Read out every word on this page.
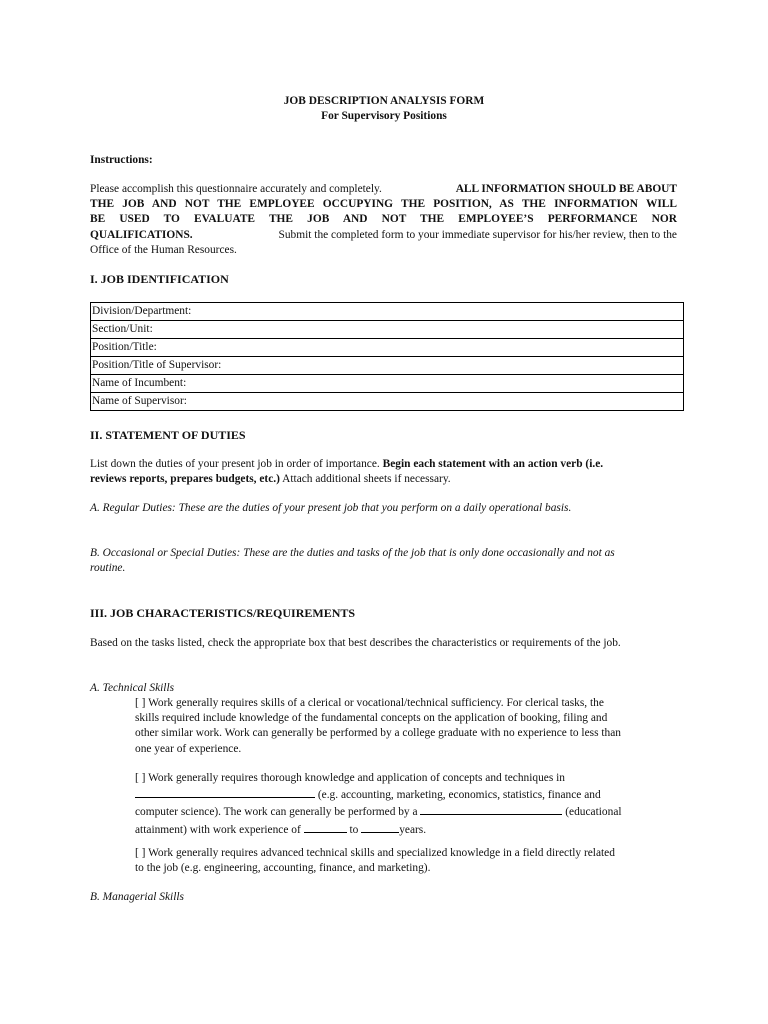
JOB DESCRIPTION ANALYSIS FORM
For Supervisory Positions
Instructions:
Please accomplish this questionnaire accurately and completely.	ALL INFORMATION SHOULD BE ABOUT
THE JOB AND NOT THE EMPLOYEE OCCUPYING THE POSITION, AS THE INFORMATION WILL
BE USED TO EVALUATE THE JOB AND NOT THE EMPLOYEE’S PERFORMANCE NOR
QUALIFICATIONS.	Submit the completed form to your immediate supervisor for his/her review, then to the
Office of the Human Resources.
I. JOB IDENTIFICATION
Division/Department:
Section/Unit:
Position/Title:
Position/Title of Supervisor:
Name of Incumbent:
Name of Supervisor:
II. STATEMENT OF DUTIES
List down the duties of your present job in order of importance. Begin each statement with an action verb (i.e.
reviews reports, prepares budgets, etc.) Attach additional sheets if necessary.
A. Regular Duties: These are the duties of your present job that you perform on a daily operational basis.
B. Occasional or Special Duties: These are the duties and tasks of the job that is only done occasionally and not as
routine.
III. JOB CHARACTERISTICS/REQUIREMENTS
Based on the tasks listed, check the appropriate box that best describes the characteristics or requirements of the job.
A. Technical Skills
[ ] Work generally requires skills of a clerical or vocational/technical sufficiency. For clerical tasks, the
skills required include knowledge of the fundamental concepts on the application of booking, filing and
other similar work. Work can generally be performed by a college graduate with no experience to less than
one year of experience.
[ ] Work generally requires thorough knowledge and application of concepts and techniques in
(e.g. accounting, marketing, economics, statistics, finance and
computer science). The work can generally be performed by a	(educational
attainment) with work experience of	to	years.
[ ] Work generally requires advanced technical skills and specialized knowledge in a field directly related
to the job (e.g. engineering, accounting, finance, and marketing).
B. Managerial Skills
